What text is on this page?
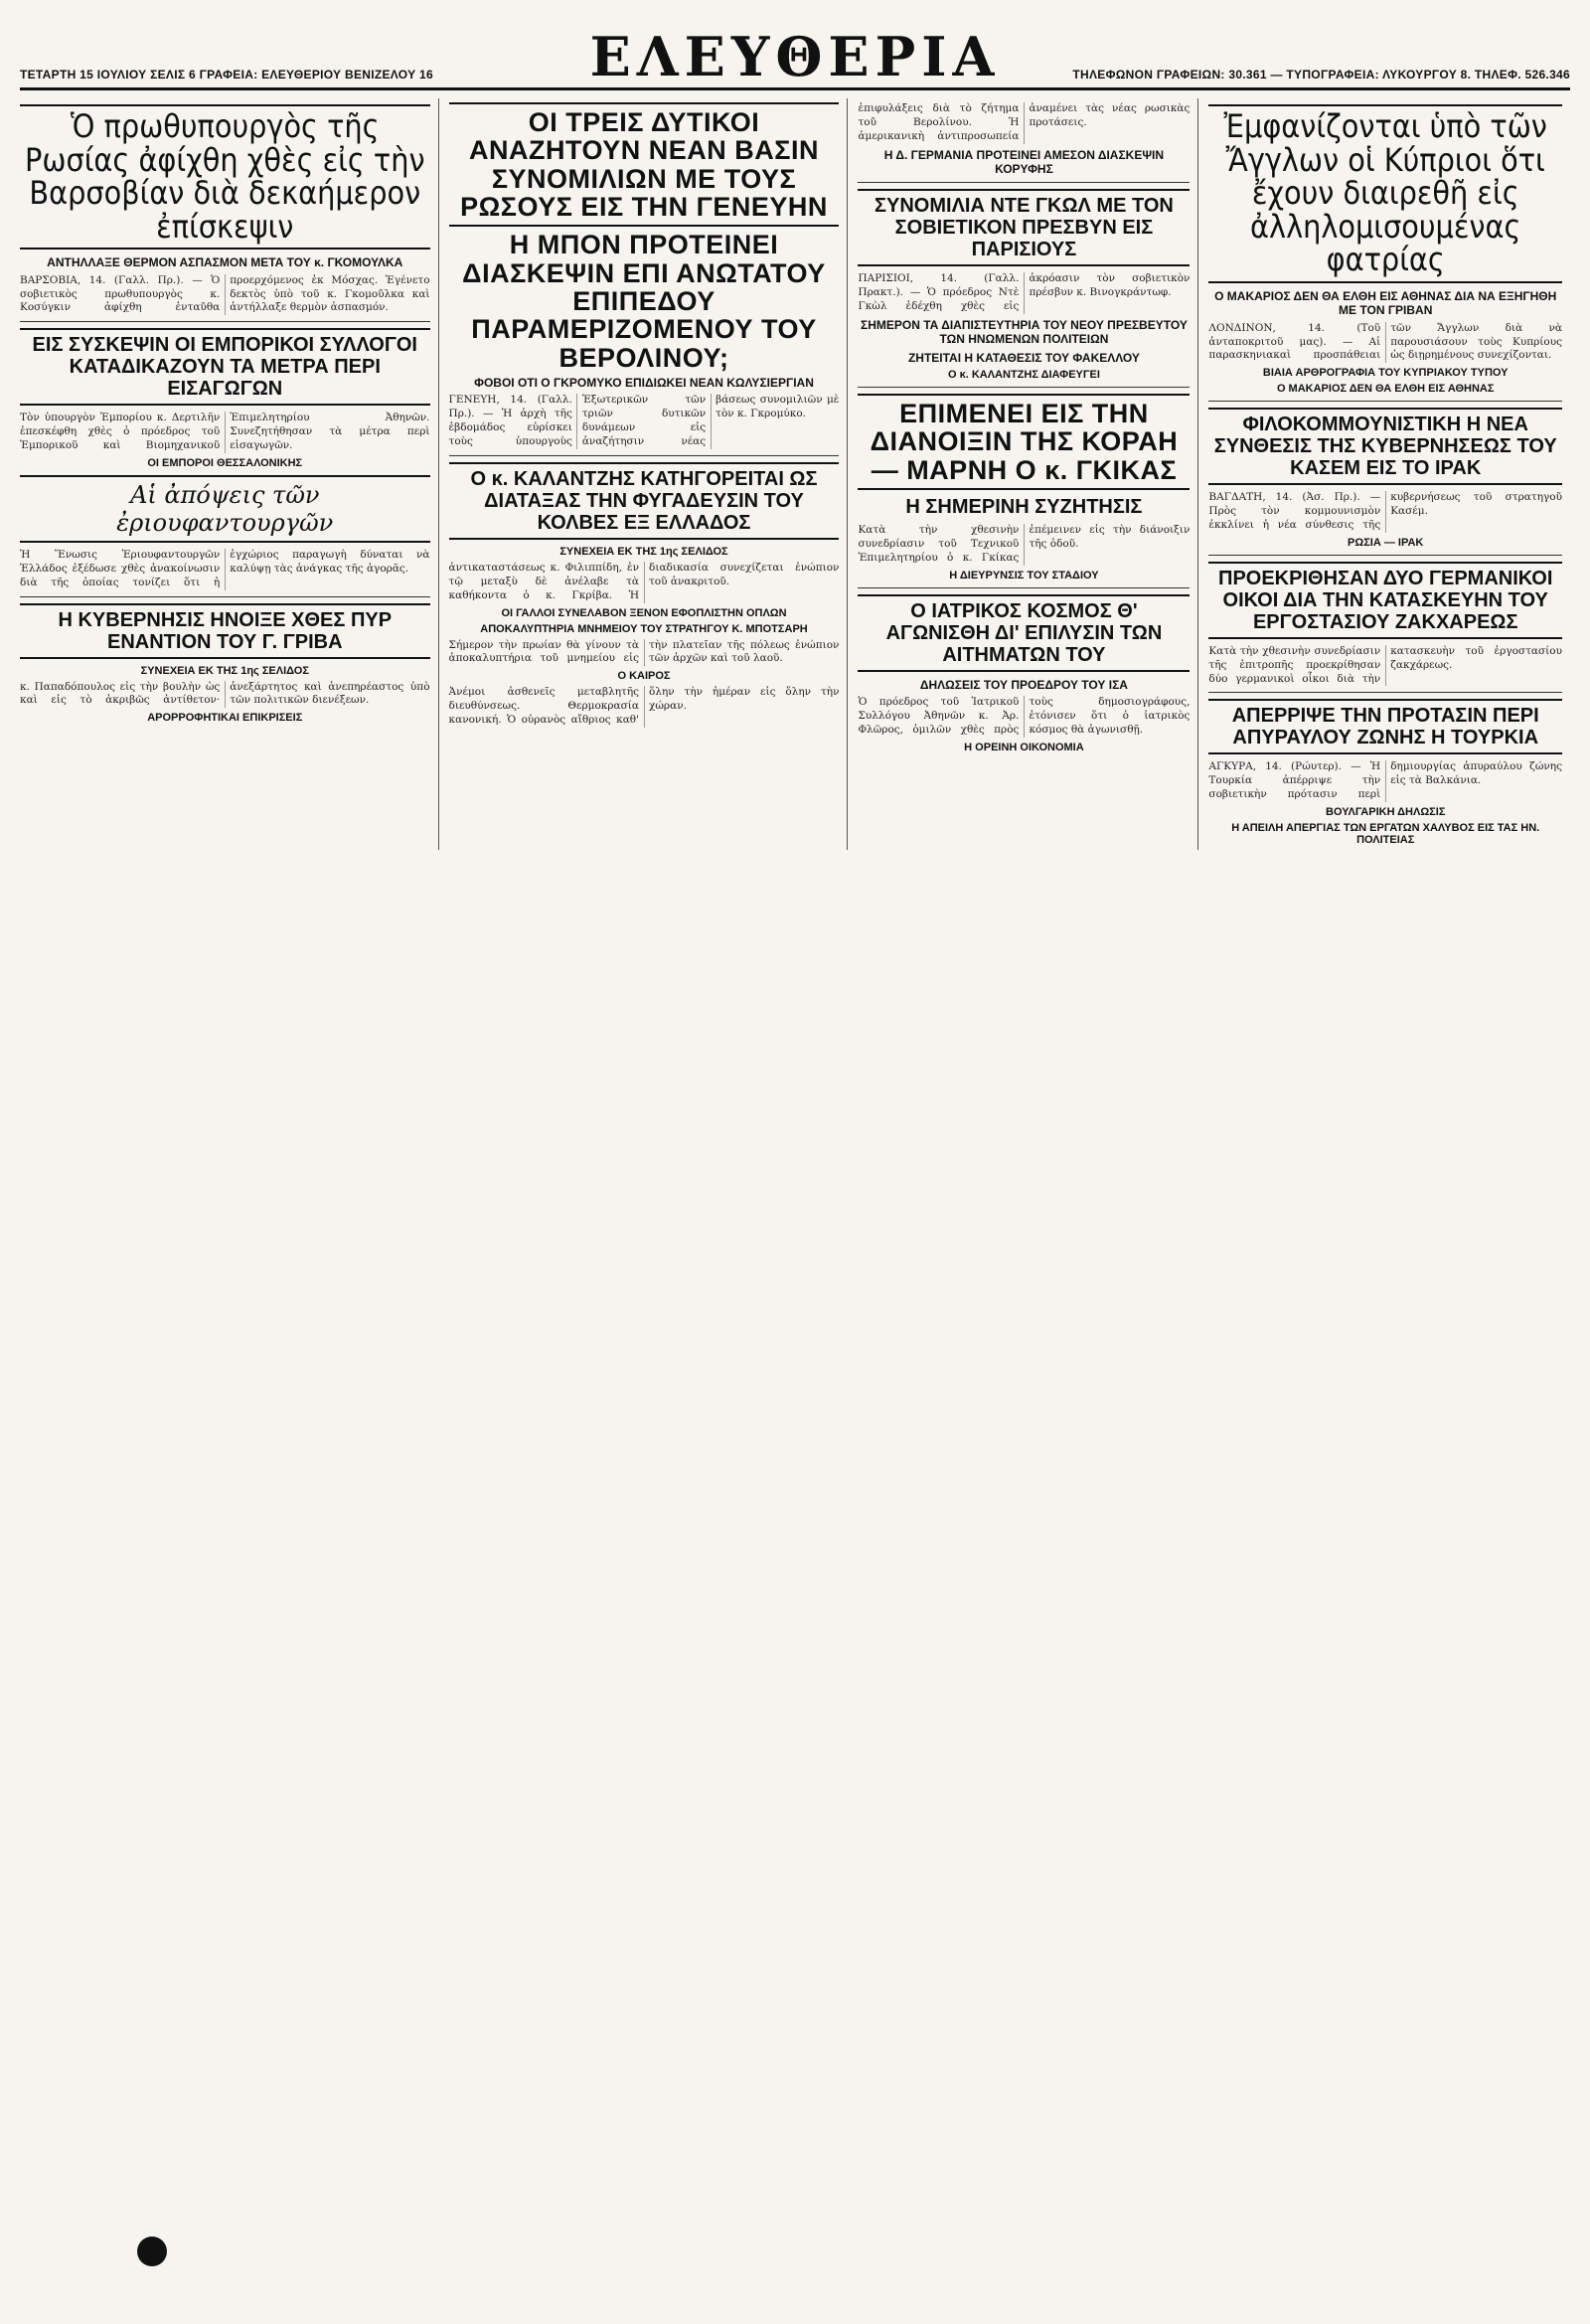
ΤΕΤΑΡΤΗ 15 ΙΟΥΛΙΟΥ ΣΕΛΙΣ 6 ΓΡΑΦΕΙΑ: ΕΛΕΥΘΕΡΙΟΥ ΒΕΝΙΖΕΛΟΥ 16	ΕΛΕΥΘΕΡΙΑ	ΤΗΛΕΦΩΝΟΝ ΓΡΑΦΕΙΩΝ: 30.361 — ΤΥΠΟΓΡΑΦΕΙΑ: ΛΥΚΟΥΡΓΟΥ 8. ΤΗΛΕΦ. 526.346
Ὁ πρωθυπουργὸς τῆς Ρωσίας ἀφίχθη χθὲς εἰς τὴν Βαρσοβίαν διὰ δεκαήμερον ἐπίσκεψιν
ΑΝΤΗΛΛΑΞΕ ΘΕΡΜΟΝ ΑΣΠΑΣΜΟΝ ΜΕΤΑ ΤΟΥ κ. ΓΚΟΜΟΥΛΚΑ
ΒΑΡΣΟΒΙΑ, 14. (Γαλλ. Πρ.). — Ὁ σοβιετικὸς πρωθυπουργὸς κ. Κοσύγκιν ἀφίχθη ἐνταῦθα προερχόμενος ἐκ Μόσχας. Ἐγένετο δεκτὸς ὑπὸ τοῦ κ. Γκομοῦλκα καὶ ἀντήλλαξε θερμὸν ἀσπασμόν.
ΕΙΣ ΣΥΣΚΕΨΙΝ ΟΙ ΕΜΠΟΡΙΚΟΙ ΣΥΛΛΟΓΟΙ ΚΑΤΑΔΙΚΑΖΟΥΝ ΤΑ ΜΕΤΡΑ ΠΕΡΙ ΕΙΣΑΓΩΓΩΝ
Τὸν ὑπουργὸν Ἐμπορίου κ. Δερτιλῆν ἐπεσκέφθη χθὲς ὁ πρόεδρος τοῦ Ἐμπορικοῦ καὶ Βιομηχανικοῦ Ἐπιμελητηρίου Ἀθηνῶν. Συνεζητήθησαν τὰ μέτρα περὶ εἰσαγωγῶν.
ΟΙ ΕΜΠΟΡΟΙ ΘΕΣΣΑΛΟΝΙΚΗΣ
Αἱ ἀπόψεις τῶν ἐριουφαντουργῶν
Ἡ Ἕνωσις Ἐριουφαντουργῶν Ἑλλάδος ἐξέδωσε χθὲς ἀνακοίνωσιν διὰ τῆς ὁποίας τονίζει ὅτι ἡ ἐγχώριος παραγωγὴ δύναται νὰ καλύψῃ τὰς ἀνάγκας τῆς ἀγορᾶς.
Η ΚΥΒΕΡΝΗΣΙΣ ΗΝΟΙΞΕ ΧΘΕΣ ΠΥΡ ΕΝΑΝΤΙΟΝ ΤΟΥ Γ. ΓΡΙΒΑ
ΣΥΝΕΧΕΙΑ ΕΚ ΤΗΣ 1ης ΣΕΛΙΔΟΣ
κ. Παπαδόπουλος εἰς τὴν βουλὴν ὡς καὶ εἰς τὸ ἀκριβῶς ἀντίθετον· ἀνεξάρτητος καὶ ἀνεπηρέαστος ὑπὸ τῶν πολιτικῶν διενέξεων.
ΑΡΟΡΡΟΦΗΤΙΚΑΙ ΕΠΙΚΡΙΣΕΙΣ
ΟΙ ΤΡΕΙΣ ΔΥΤΙΚΟΙ ΑΝΑΖΗΤΟΥΝ ΝΕΑΝ ΒΑΣΙΝ ΣΥΝΟΜΙΛΙΩΝ ΜΕ ΤΟΥΣ ΡΩΣΟΥΣ ΕΙΣ ΤΗΝ ΓΕΝΕΥΗΝ
Η ΜΠΟΝ ΠΡΟΤΕΙΝΕΙ ΔΙΑΣΚΕΨΙΝ ΕΠΙ ΑΝΩΤΑΤΟΥ ΕΠΙΠΕΔΟΥ ΠΑΡΑΜΕΡΙΖΟΜΕΝΟΥ ΤΟΥ ΒΕΡΟΛΙΝΟΥ;
ΦΟΒΟΙ ΟΤΙ Ο ΓΚΡΟΜΥΚΟ ΕΠΙΔΙΩΚΕΙ ΝΕΑΝ ΚΩΛΥΣΙΕΡΓΙΑΝ
ΓΕΝΕΥΗ, 14. (Γαλλ. Πρ.). — Ἡ ἀρχὴ τῆς ἑβδομάδος εὑρίσκει τοὺς ὑπουργοὺς Ἐξωτερικῶν τῶν τριῶν δυτικῶν δυνάμεων εἰς ἀναζήτησιν νέας βάσεως συνομιλιῶν μὲ τὸν κ. Γκρομύκο.
Ο κ. ΚΑΛΑΝΤΖΗΣ ΚΑΤΗΓΟΡΕΙΤΑΙ ΩΣ ΔΙΑΤΑΞΑΣ ΤΗΝ ΦΥΓΑΔΕΥΣΙΝ ΤΟΥ ΚΟΛΒΕΣ ΕΞ ΕΛΛΑΔΟΣ
ΣΥΝΕΧΕΙΑ ΕΚ ΤΗΣ 1ης ΣΕΛΙΔΟΣ
ἀντικαταστάσεως κ. Φιλιππίδη, ἐν τῷ μεταξὺ δὲ ἀνέλαβε τὰ καθήκοντα ὁ κ. Γκρίβα. Ἡ διαδικασία συνεχίζεται ἐνώπιον τοῦ ἀνακριτοῦ.
ΟΙ ΓΑΛΛΟΙ ΣΥΝΕΛΑΒΟΝ ΞΕΝΟΝ ΕΦΟΠΛΙΣΤΗΝ ΟΠΛΩΝ
ΑΠΟΚΑΛΥΠΤΗΡΙΑ ΜΝΗΜΕΙΟΥ ΤΟΥ ΣΤΡΑΤΗΓΟΥ Κ. ΜΠΟΤΣΑΡΗ
Σήμερον τὴν πρωίαν θὰ γίνουν τὰ ἀποκαλυπτήρια τοῦ μνημείου εἰς τὴν πλατεῖαν τῆς πόλεως ἐνώπιον τῶν ἀρχῶν καὶ τοῦ λαοῦ.
Ο ΚΑΙΡΟΣ
Ἀνέμοι ἀσθενεῖς μεταβλητῆς διευθύνσεως. Θερμοκρασία κανονική. Ὁ οὐρανὸς αἴθριος καθ' ὅλην τὴν ἡμέραν εἰς ὅλην τὴν χώραν.
ἐπιφυλάξεις διὰ τὸ ζήτημα τοῦ Βερολίνου. Ἡ ἀμερικανικὴ ἀντιπροσωπεία ἀναμένει τὰς νέας ρωσικὰς προτάσεις.
Η Δ. ΓΕΡΜΑΝΙΑ ΠΡΟΤΕΙΝΕΙ ΑΜΕΣΟΝ ΔΙΑΣΚΕΨΙΝ ΚΟΡΥΦΗΣ
ΣΥΝΟΜΙΛΙΑ ΝΤΕ ΓΚΩΛ ΜΕ ΤΟΝ ΣΟΒΙΕΤΙΚΟΝ ΠΡΕΣΒΥΝ ΕΙΣ ΠΑΡΙΣΙΟΥΣ
ΠΑΡΙΣΙΟΙ, 14. (Γαλλ. Πρακτ.). — Ὁ πρόεδρος Ντὲ Γκὼλ ἐδέχθη χθὲς εἰς ἀκρόασιν τὸν σοβιετικὸν πρέσβυν κ. Βινογκράντωφ.
ΣΗΜΕΡΟΝ ΤΑ ΔΙΑΠΙΣΤΕΥΤΗΡΙΑ ΤΟΥ ΝΕΟΥ ΠΡΕΣΒΕΥΤΟΥ ΤΩΝ ΗΝΩΜΕΝΩΝ ΠΟΛΙΤΕΙΩΝ
ΖΗΤΕΙΤΑΙ Η ΚΑΤΑΘΕΣΙΣ ΤΟΥ ΦΑΚΕΛΛΟΥ
Ο κ. ΚΑΛΑΝΤΖΗΣ ΔΙΑΦΕΥΓΕΙ
ΕΠΙΜΕΝΕΙ ΕΙΣ ΤΗΝ ΔΙΑΝΟΙΞΙΝ ΤΗΣ ΚΟΡΑΗ — ΜΑΡΝΗ Ο κ. ΓΚΙΚΑΣ
Η ΣΗΜΕΡΙΝΗ ΣΥΖΗΤΗΣΙΣ
Κατὰ τὴν χθεσινὴν συνεδρίασιν τοῦ Τεχνικοῦ Ἐπιμελητηρίου ὁ κ. Γκίκας ἐπέμεινεν εἰς τὴν διάνοιξιν τῆς ὁδοῦ.
Η ΔΙΕΥΡΥΝΣΙΣ ΤΟΥ ΣΤΑΔΙΟΥ
Ο ΙΑΤΡΙΚΟΣ ΚΟΣΜΟΣ Θ' ΑΓΩΝΙΣΘΗ ΔΙ' ΕΠΙΛΥΣΙΝ ΤΩΝ ΑΙΤΗΜΑΤΩΝ ΤΟΥ
ΔΗΛΩΣΕΙΣ ΤΟΥ ΠΡΟΕΔΡΟΥ ΤΟΥ ΙΣΑ
Ὁ πρόεδρος τοῦ Ἰατρικοῦ Συλλόγου Ἀθηνῶν κ. Ἀρ. Φλῶρος, ὁμιλῶν χθὲς πρὸς τοὺς δημοσιογράφους, ἐτόνισεν ὅτι ὁ ἰατρικὸς κόσμος θὰ ἀγωνισθῇ.
Η ΟΡΕΙΝΗ ΟΙΚΟΝΟΜΙΑ
Ἐμφανίζονται ὑπὸ τῶν Ἄγγλων οἱ Κύπριοι ὅτι ἔχουν διαιρεθῆ εἰς ἀλληλομισουμένας φατρίας
Ο ΜΑΚΑΡΙΟΣ ΔΕΝ ΘΑ ΕΛΘΗ ΕΙΣ ΑΘΗΝΑΣ ΔΙΑ ΝΑ ΕΞΗΓΗΘΗ ΜΕ ΤΟΝ ΓΡΙΒΑΝ
ΛΟΝΔΙΝΟΝ, 14. (Τοῦ ἀνταποκριτοῦ μας). — Αἱ παρασκηνιακαὶ προσπάθειαι τῶν Ἄγγλων διὰ νὰ παρουσιάσουν τοὺς Κυπρίους ὡς διῃρημένους συνεχίζονται.
ΒΙΑΙΑ ΑΡΘΡΟΓΡΑΦΙΑ ΤΟΥ ΚΥΠΡΙΑΚΟΥ ΤΥΠΟΥ
Ο ΜΑΚΑΡΙΟΣ ΔΕΝ ΘΑ ΕΛΘΗ ΕΙΣ ΑΘΗΝΑΣ
ΦΙΛΟΚΟΜΜΟΥΝΙΣΤΙΚΗ Η ΝΕΑ ΣΥΝΘΕΣΙΣ ΤΗΣ ΚΥΒΕΡΝΗΣΕΩΣ ΤΟΥ ΚΑΣΕΜ ΕΙΣ ΤΟ ΙΡΑΚ
ΒΑΓΔΑΤΗ, 14. (Ἀσ. Πρ.). — Πρὸς τὸν κομμουνισμὸν ἐκκλίνει ἡ νέα σύνθεσις τῆς κυβερνήσεως τοῦ στρατηγοῦ Κασέμ.
ΡΩΣΙΑ — ΙΡΑΚ
ΠΡΟΕΚΡΙΘΗΣΑΝ ΔΥΟ ΓΕΡΜΑΝΙΚΟΙ ΟΙΚΟΙ ΔΙΑ ΤΗΝ ΚΑΤΑΣΚΕΥΗΝ ΤΟΥ ΕΡΓΟΣΤΑΣΙΟΥ ΖΑΚΧΑΡΕΩΣ
Κατὰ τὴν χθεσινὴν συνεδρίασιν τῆς ἐπιτροπῆς προεκρίθησαν δύο γερμανικοὶ οἶκοι διὰ τὴν κατασκευὴν τοῦ ἐργοστασίου ζακχάρεως.
ΑΠΕΡΡΙΨΕ ΤΗΝ ΠΡΟΤΑΣΙΝ ΠΕΡΙ ΑΠΥΡΑΥΛΟΥ ΖΩΝΗΣ Η ΤΟΥΡΚΙΑ
ΑΓΚΥΡΑ, 14. (Ρώυτερ). — Ἡ Τουρκία ἀπέρριψε τὴν σοβιετικὴν πρότασιν περὶ δημιουργίας ἀπυραύλου ζώνης εἰς τὰ Βαλκάνια.
ΒΟΥΛΓΑΡΙΚΗ ΔΗΛΩΣΙΣ
Η ΑΠΕΙΛΗ ΑΠΕΡΓΙΑΣ ΤΩΝ ΕΡΓΑΤΩΝ ΧΑΛΥΒΟΣ ΕΙΣ ΤΑΣ ΗΝ. ΠΟΛΙΤΕΙΑΣ
